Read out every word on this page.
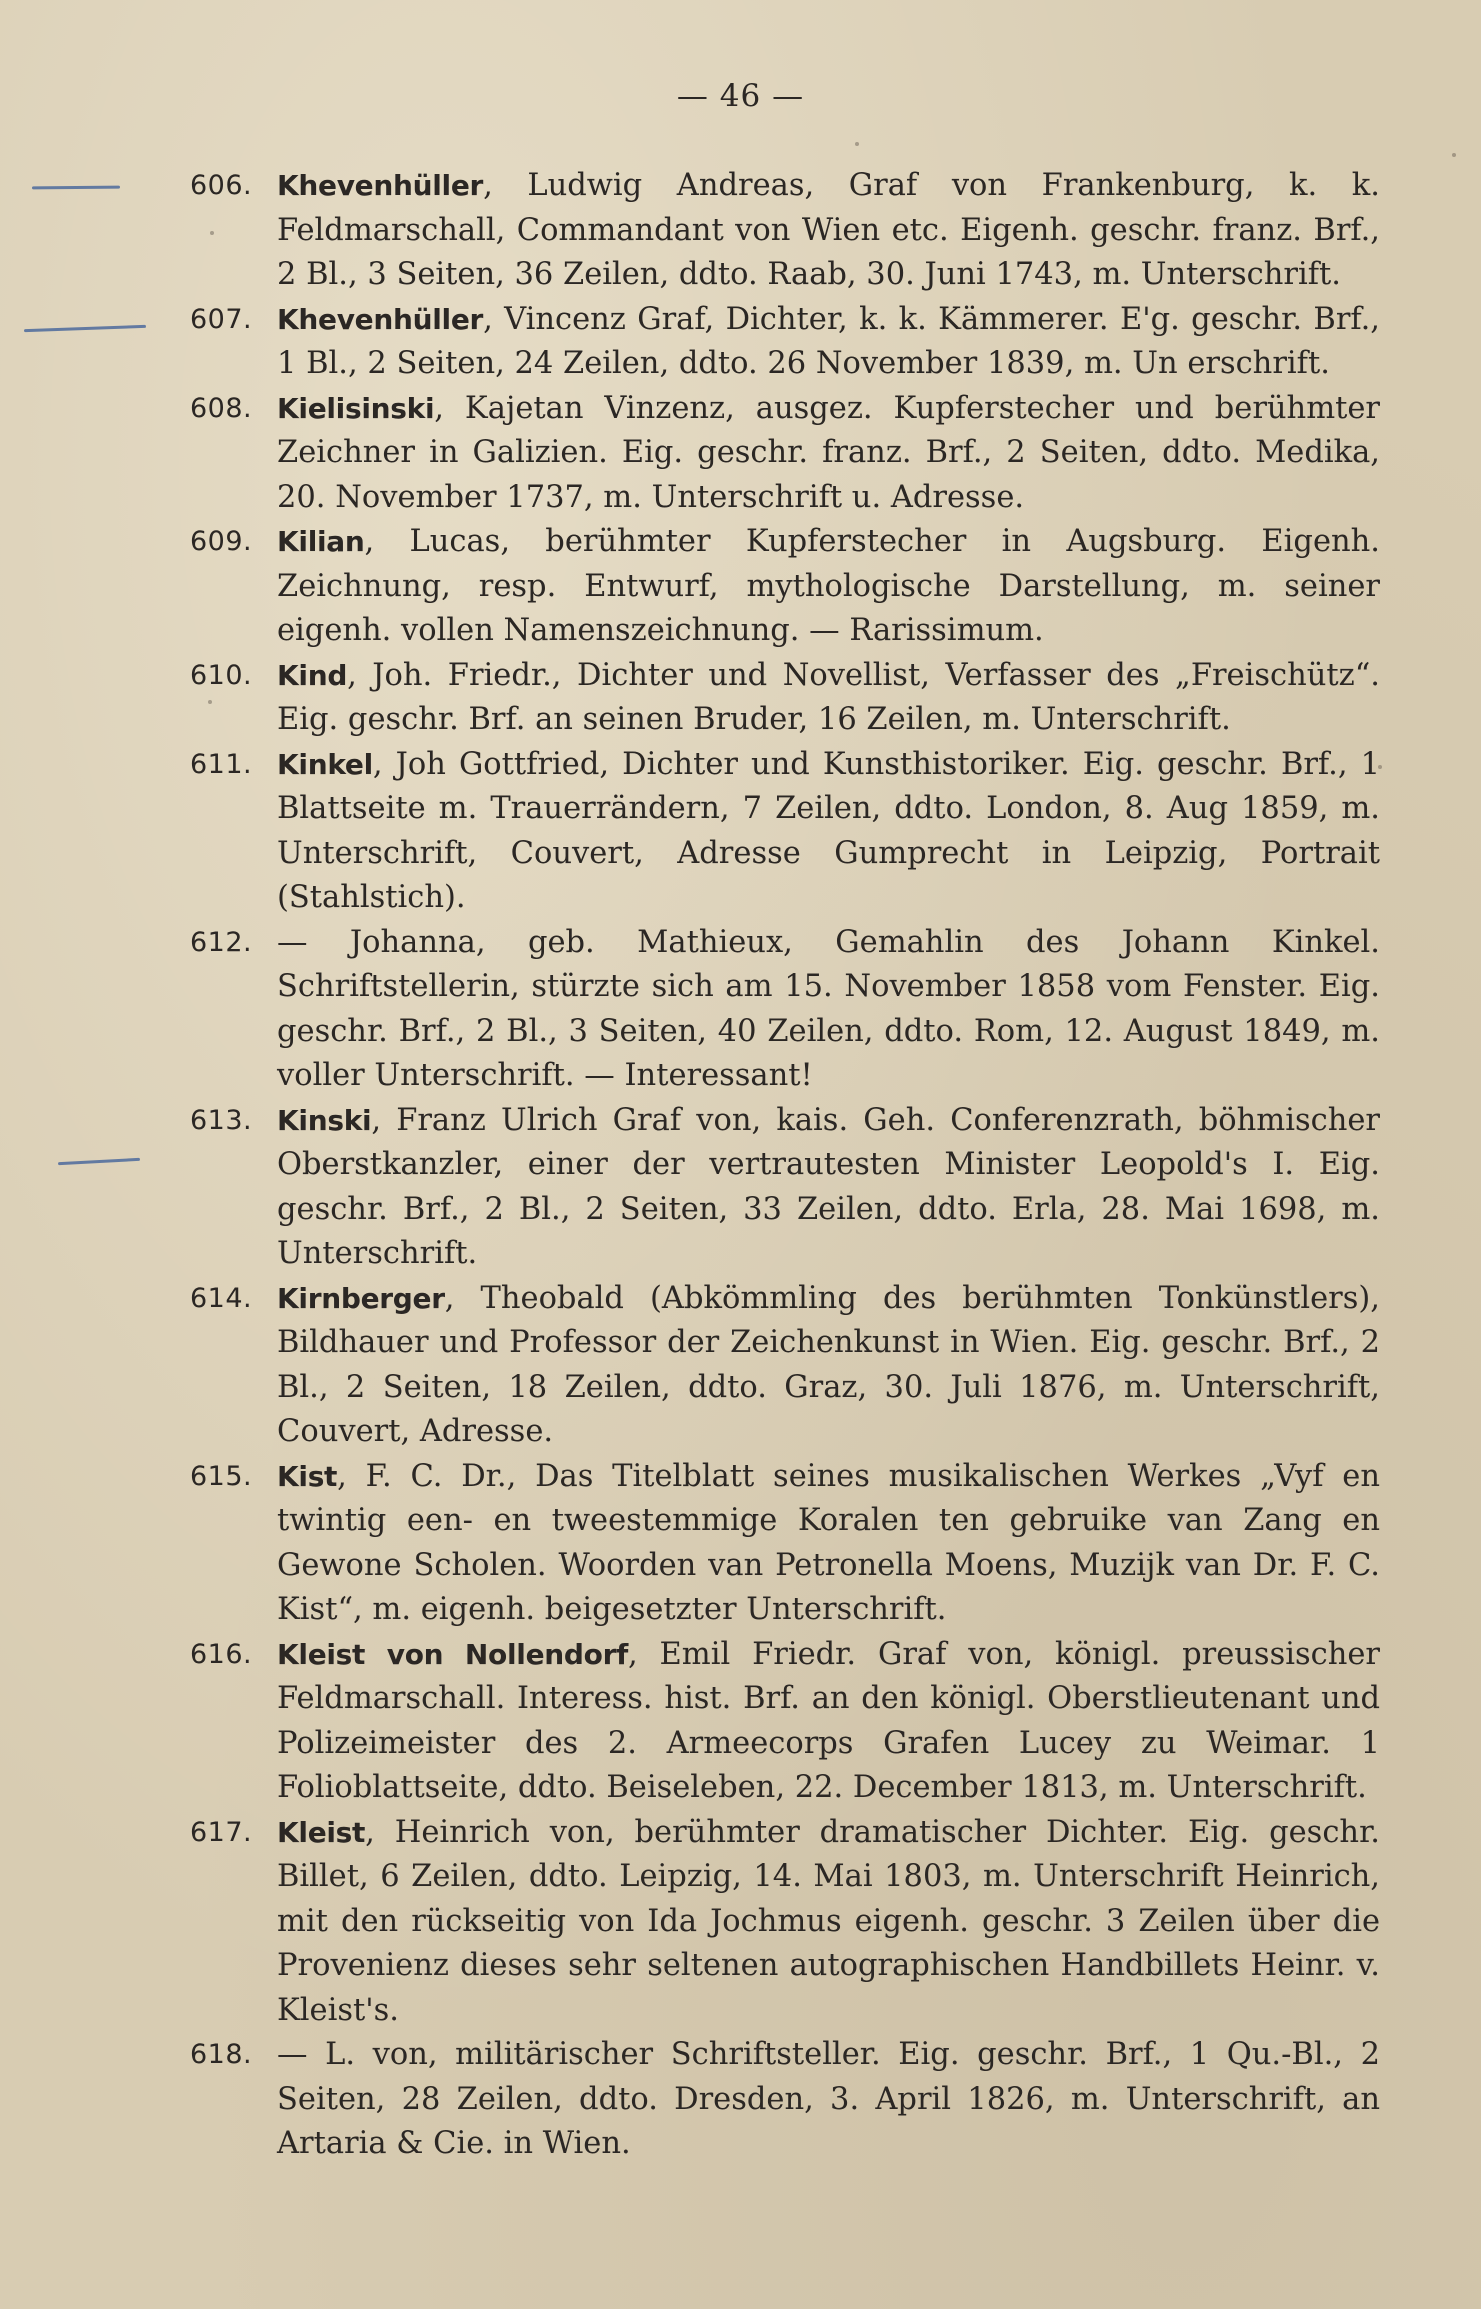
— 46 —
606. Khevenhüller, Ludwig Andreas, Graf von Frankenburg, k. k. Feldmarschall, Commandant von Wien etc. Eigenh. geschr. franz. Brf., 2 Bl., 3 Seiten, 36 Zeilen, ddto. Raab, 30. Juni 1743, m. Unterschrift.
607. Khevenhüller, Vincenz Graf, Dichter, k. k. Kämmerer. E'g. geschr. Brf., 1 Bl., 2 Seiten, 24 Zeilen, ddto. 26 November 1839, m. Un erschrift.
608. Kielisinski, Kajetan Vinzenz, ausgez. Kupferstecher und berühmter Zeichner in Galizien. Eig. geschr. franz. Brf., 2 Seiten, ddto. Medika, 20. November 1737, m. Unterschrift u. Adresse.
609. Kilian, Lucas, berühmter Kupferstecher in Augsburg. Eigenh. Zeichnung, resp. Entwurf, mythologische Darstellung, m. seiner eigenh. vollen Namenszeichnung. — Rarissimum.
610. Kind, Joh. Friedr., Dichter und Novellist, Verfasser des „Freischütz“. Eig. geschr. Brf. an seinen Bruder, 16 Zeilen, m. Unterschrift.
611. Kinkel, Joh Gottfried, Dichter und Kunsthistoriker. Eig. geschr. Brf., 1 Blattseite m. Trauerrändern, 7 Zeilen, ddto. London, 8. Aug 1859, m. Unterschrift, Couvert, Adresse Gumprecht in Leipzig, Portrait (Stahlstich).
612. — Johanna, geb. Mathieux, Gemahlin des Johann Kinkel. Schriftstellerin, stürzte sich am 15. November 1858 vom Fenster. Eig. geschr. Brf., 2 Bl., 3 Seiten, 40 Zeilen, ddto. Rom, 12. August 1849, m. voller Unterschrift. — Interessant!
613. Kinski, Franz Ulrich Graf von, kais. Geh. Conferenzrath, böhmischer Oberstkanzler, einer der vertrautesten Minister Leopold's I. Eig. geschr. Brf., 2 Bl., 2 Seiten, 33 Zeilen, ddto. Erla, 28. Mai 1698, m. Unterschrift.
614. Kirnberger, Theobald (Abkömmling des berühmten Tonkünstlers), Bildhauer und Professor der Zeichenkunst in Wien. Eig. geschr. Brf., 2 Bl., 2 Seiten, 18 Zeilen, ddto. Graz, 30. Juli 1876, m. Unterschrift, Couvert, Adresse.
615. Kist, F. C. Dr., Das Titelblatt seines musikalischen Werkes „Vyf en twintig een- en tweestemmige Koralen ten gebruike van Zang en Gewone Scholen. Woorden van Petronella Moens, Muzijk van Dr. F. C. Kist“, m. eigenh. beigesetzter Unterschrift.
616. Kleist von Nollendorf, Emil Friedr. Graf von, königl. preussischer Feldmarschall. Interess. hist. Brf. an den königl. Oberstlieutenant und Polizeimeister des 2. Armeecorps Grafen Lucey zu Weimar. 1 Folioblattseite, ddto. Beiseleben, 22. December 1813, m. Unterschrift.
617. Kleist, Heinrich von, berühmter dramatischer Dichter. Eig. geschr. Billet, 6 Zeilen, ddto. Leipzig, 14. Mai 1803, m. Unterschrift Heinrich, mit den rückseitig von Ida Jochmus eigenh. geschr. 3 Zeilen über die Provenienz dieses sehr seltenen autographischen Handbillets Heinr. v. Kleist's.
618. — L. von, militärischer Schriftsteller. Eig. geschr. Brf., 1 Qu.-Bl., 2 Seiten, 28 Zeilen, ddto. Dresden, 3. April 1826, m. Unterschrift, an Artaria & Cie. in Wien.
